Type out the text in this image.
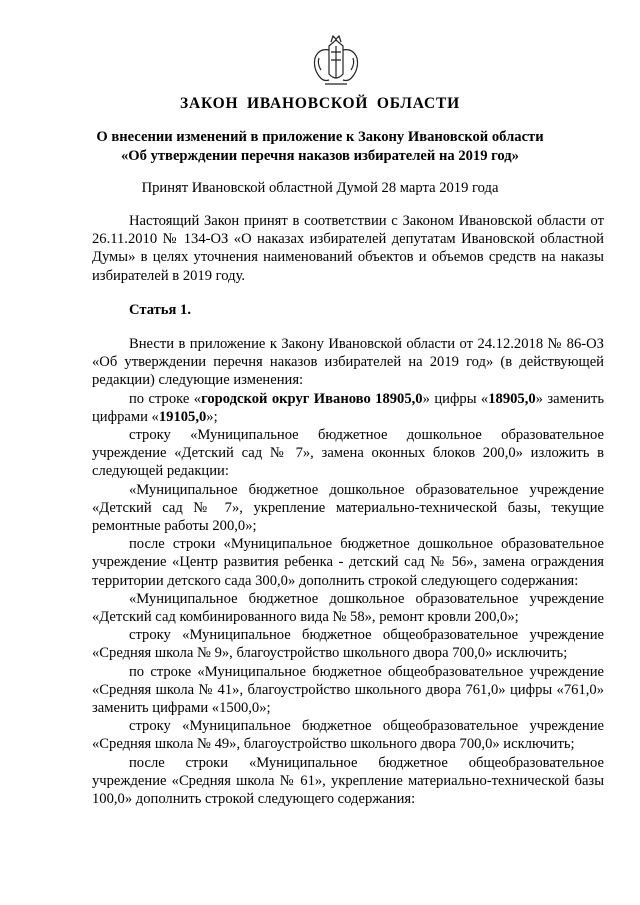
ЗАКОН ИВАНОВСКОЙ ОБЛАСТИ
О внесении изменений в приложение к Закону Ивановской области
«Об утверждении перечня наказов избирателей на 2019 год»
Принят Ивановской областной Думой 28 марта 2019 года

Настоящий Закон принят в соответствии с Законом Ивановской области от 26.11.2010 № 134-ОЗ «О наказах избирателей депутатам Ивановской областной Думы» в целях уточнения наименований объектов и объемов средств на наказы избирателей в 2019 году.

Статья 1.

Внести в приложение к Закону Ивановской области от 24.12.2018 № 86-ОЗ «Об утверждении перечня наказов избирателей на 2019 год» (в действующей редакции) следующие изменения:

по строке «городской округ Иваново 18905,0» цифры «18905,0» заменить цифрами «19105,0»;

строку «Муниципальное бюджетное дошкольное образовательное учреждение «Детский сад № 7», замена оконных блоков 200,0» изложить в следующей редакции:

«Муниципальное бюджетное дошкольное образовательное учреждение «Детский сад № 7», укрепление материально-технической базы, текущие ремонтные работы 200,0»;

после строки «Муниципальное бюджетное дошкольное образовательное учреждение «Центр развития ребенка - детский сад № 56», замена ограждения территории детского сада 300,0» дополнить строкой следующего содержания:

«Муниципальное бюджетное дошкольное образовательное учреждение «Детский сад комбинированного вида № 58», ремонт кровли 200,0»;

строку «Муниципальное бюджетное общеобразовательное учреждение «Средняя школа № 9», благоустройство школьного двора 700,0» исключить;

по строке «Муниципальное бюджетное общеобразовательное учреждение «Средняя школа № 41», благоустройство школьного двора 761,0» цифры «761,0» заменить цифрами «1500,0»;

строку «Муниципальное бюджетное общеобразовательное учреждение «Средняя школа № 49», благоустройство школьного двора 700,0» исключить;

после строки «Муниципальное бюджетное общеобразовательное учреждение «Средняя школа № 61», укрепление материально-технической базы 100,0» дополнить строкой следующего содержания:
